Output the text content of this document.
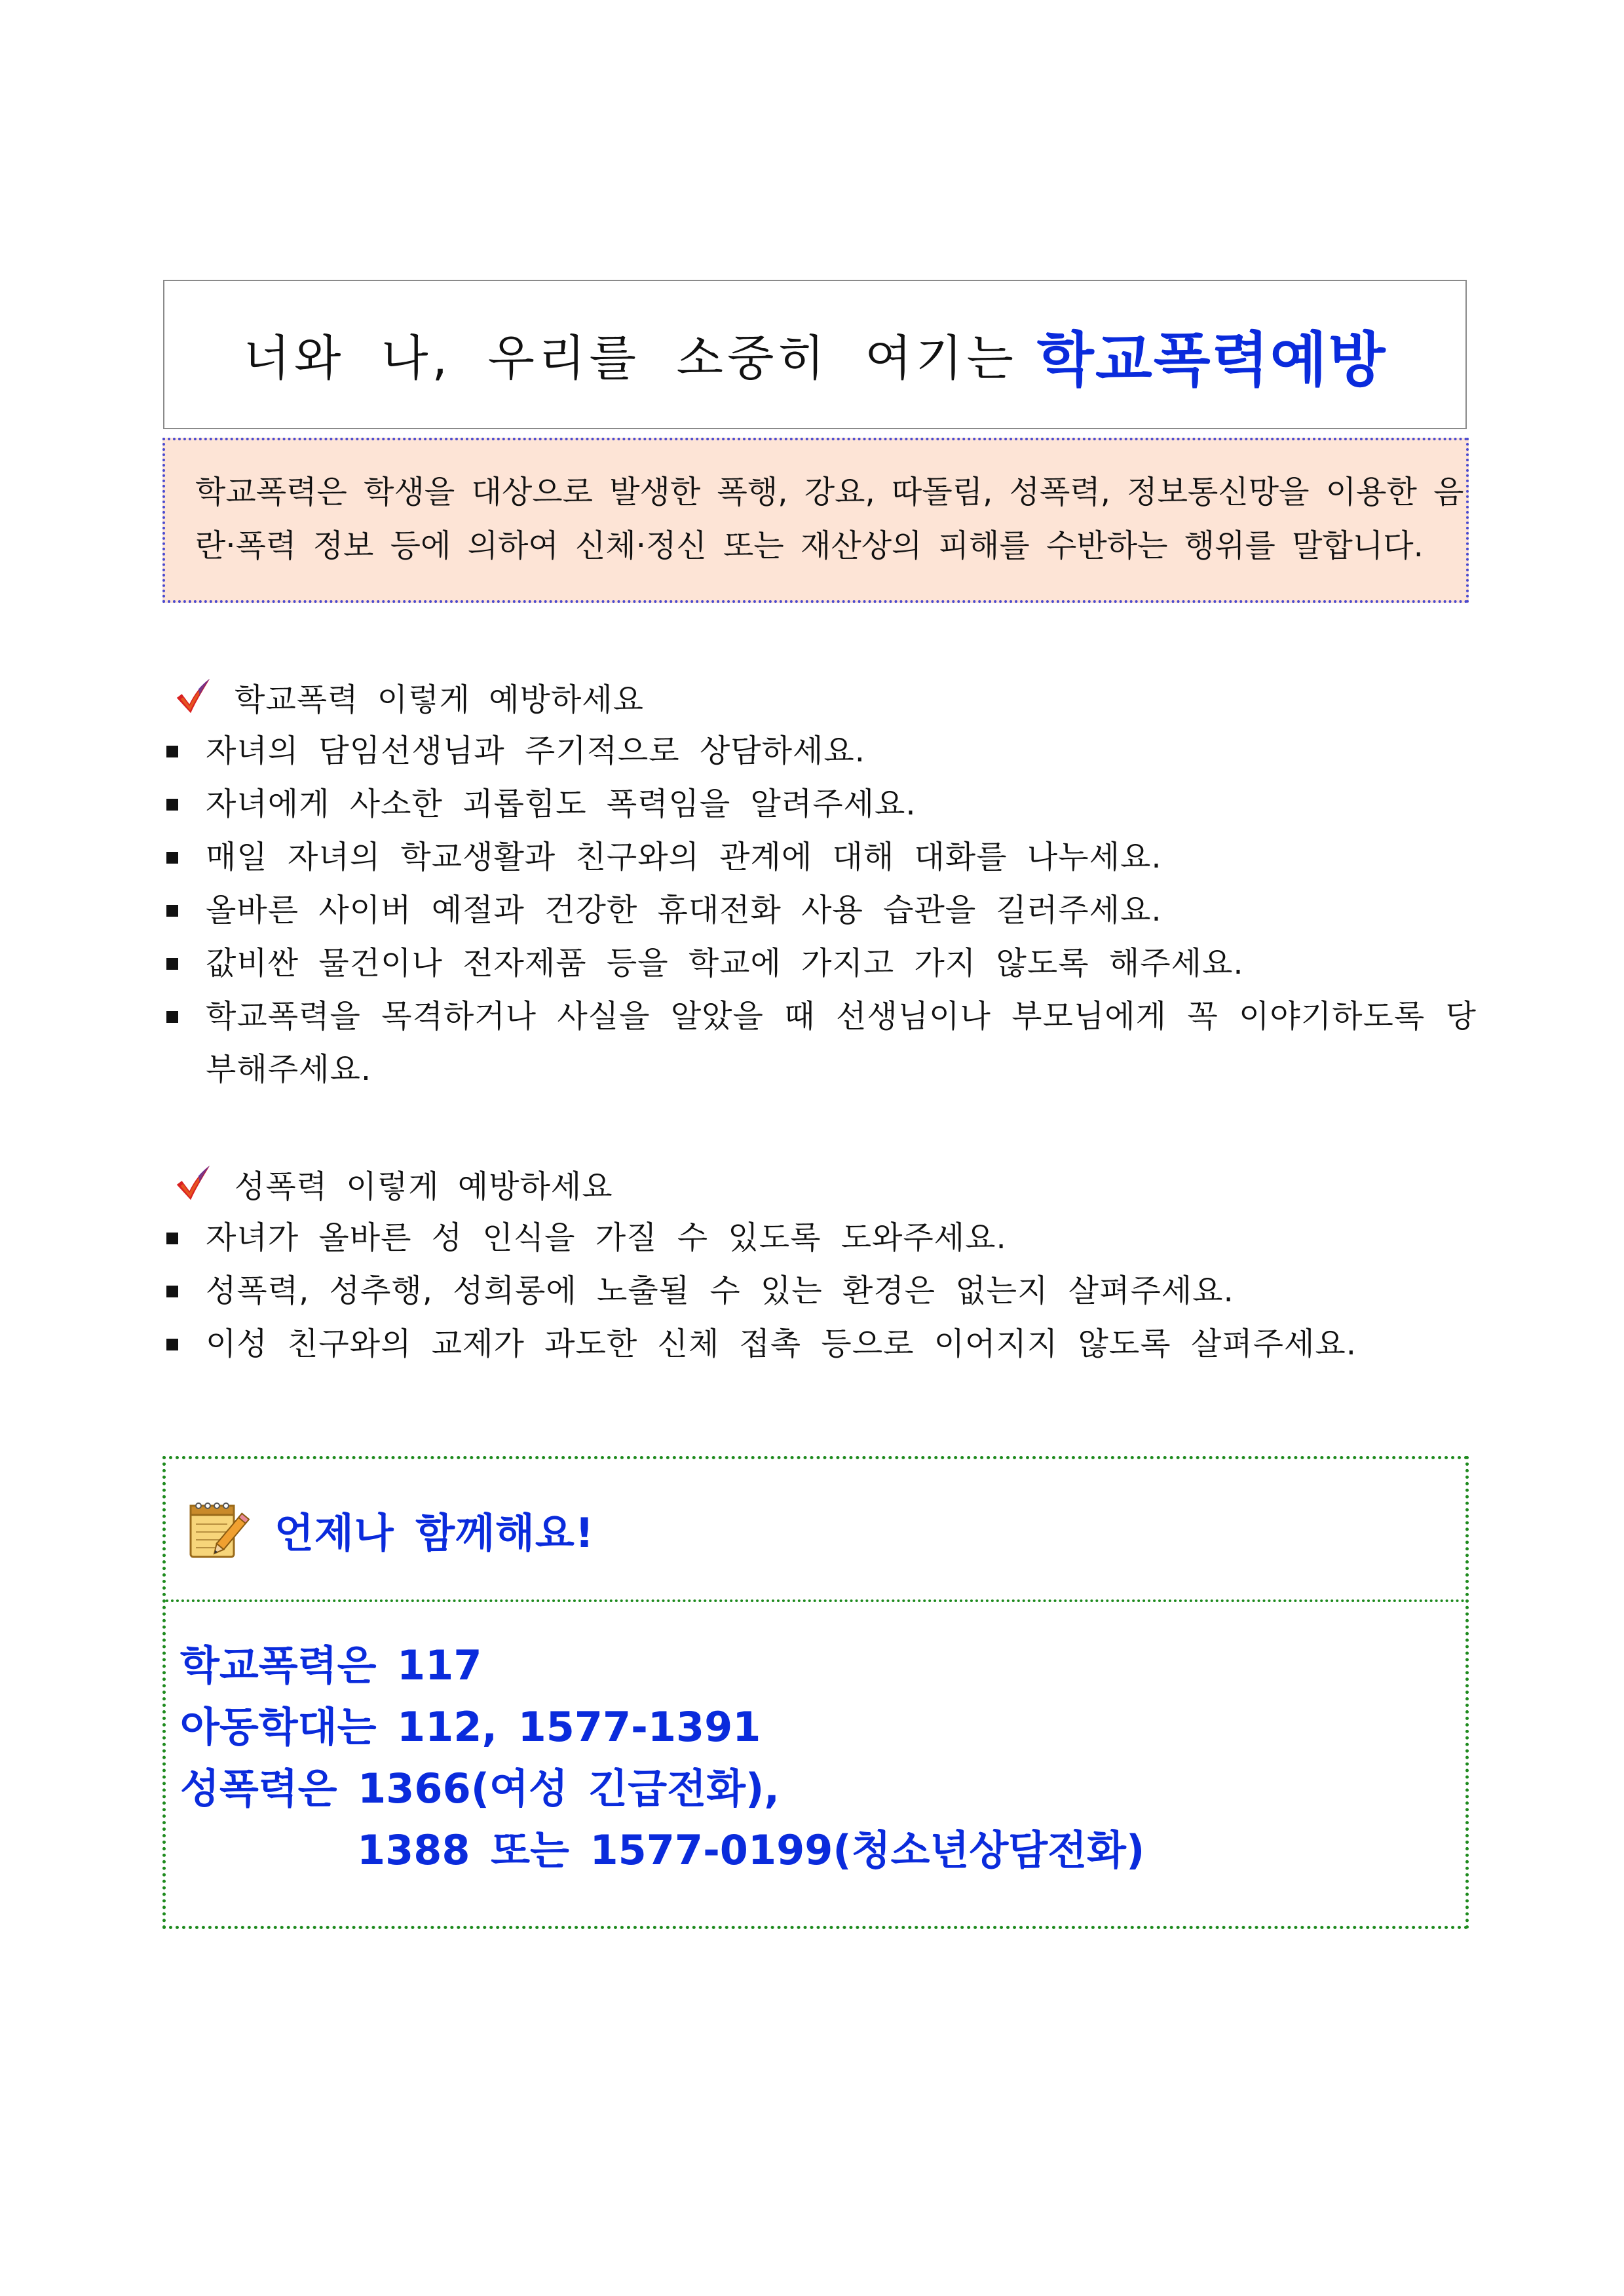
너와 나, 우리를 소중히 여기는 학교폭력예방
학교폭력은 학생을 대상으로 발생한 폭행, 강요, 따돌림, 성폭력, 정보통신망을 이용한 음
란·폭력 정보 등에 의하여 신체·정신 또는 재산상의 피해를 수반하는 행위를 말합니다.
학교폭력 이렇게 예방하세요
자녀의 담임선생님과 주기적으로 상담하세요.
자녀에게 사소한 괴롭힘도 폭력임을 알려주세요.
매일 자녀의 학교생활과 친구와의 관계에 대해 대화를 나누세요.
올바른 사이버 예절과 건강한 휴대전화 사용 습관을 길러주세요.
값비싼 물건이나 전자제품 등을 학교에 가지고 가지 않도록 해주세요.
학교폭력을 목격하거나 사실을 알았을 때 선생님이나 부모님에게 꼭 이야기하도록 당부해주세요.
성폭력 이렇게 예방하세요
자녀가 올바른 성 인식을 가질 수 있도록 도와주세요.
성폭력, 성추행, 성희롱에 노출될 수 있는 환경은 없는지 살펴주세요.
이성 친구와의 교제가 과도한 신체 접촉 등으로 이어지지 않도록 살펴주세요.
언제나 함께해요!
학교폭력은 117
아동학대는 112, 1577-1391
성폭력은 1366(여성 긴급전화),
1388 또는 1577-0199(청소년상담전화)
